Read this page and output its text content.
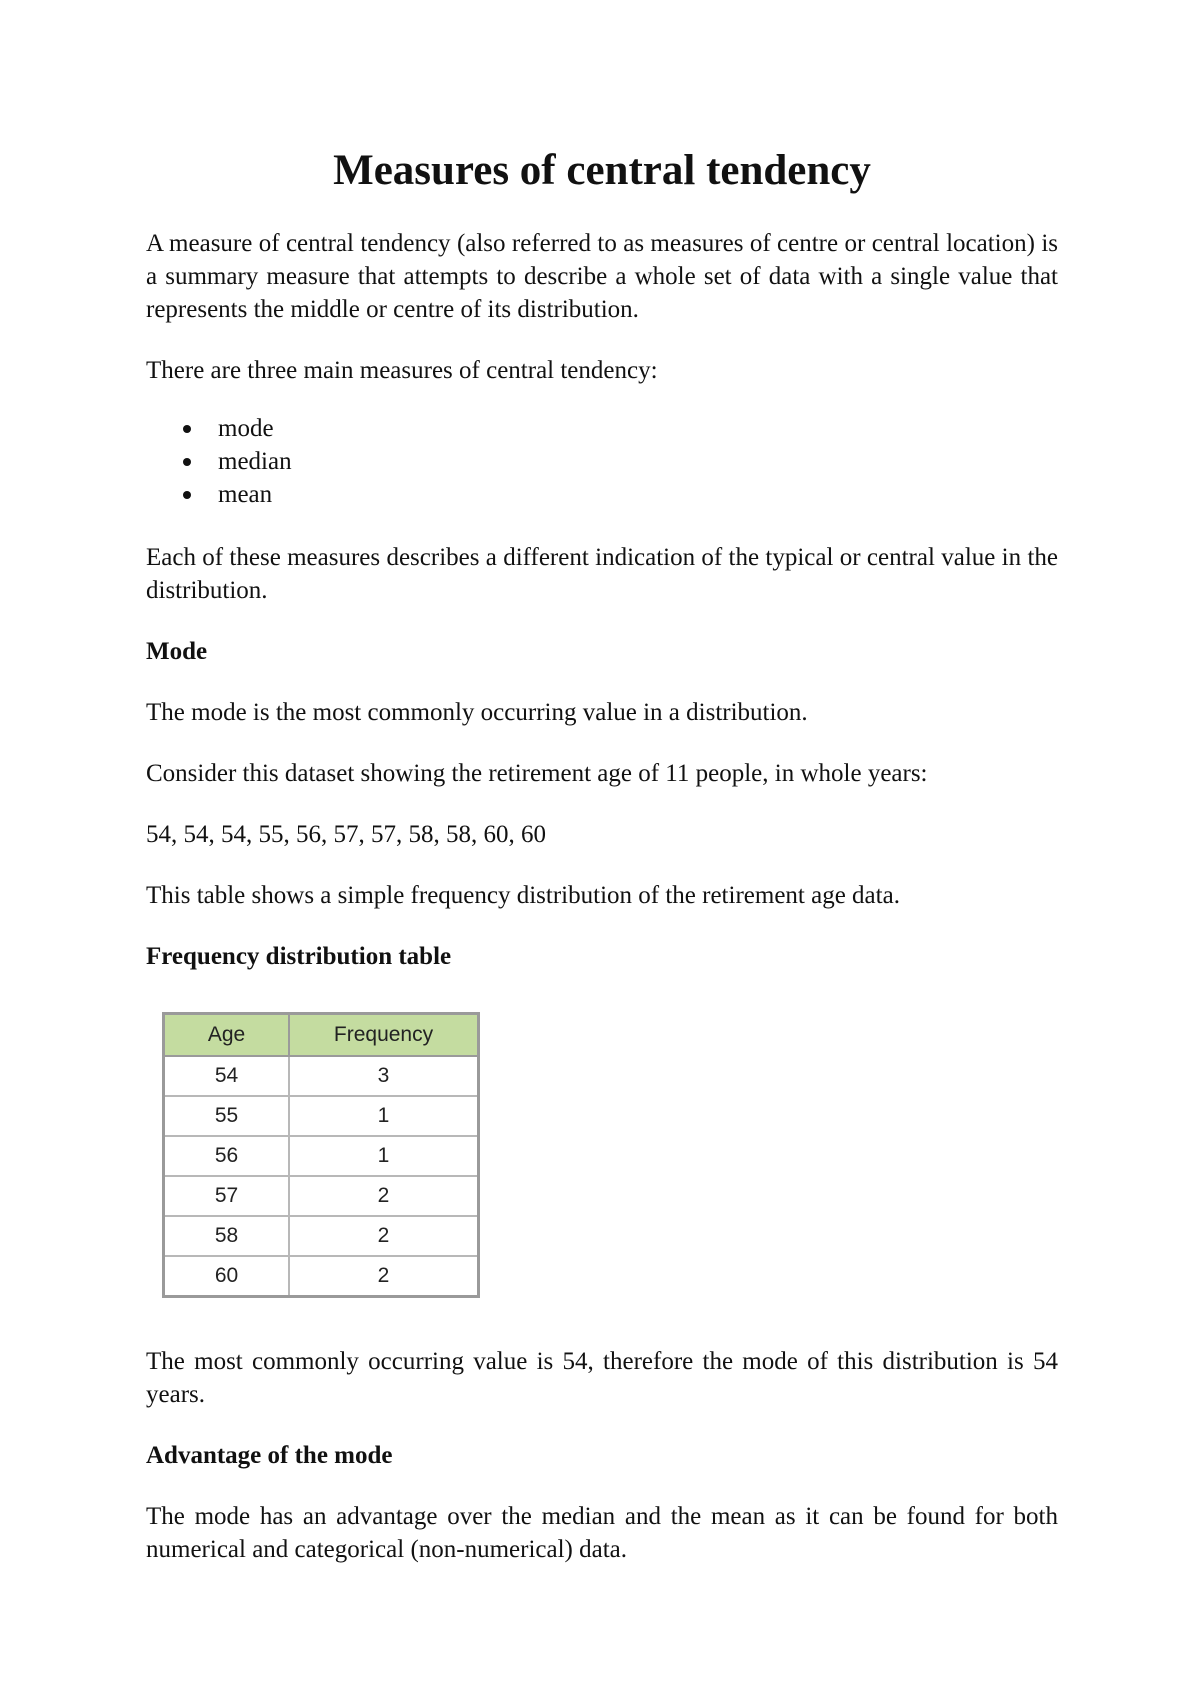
Measures of central tendency

A measure of central tendency (also referred to as measures of centre or central location) is a summary measure that attempts to describe a whole set of data with a single value that represents the middle or centre of its distribution.

There are three main measures of central tendency:

mode
median
mean

Each of these measures describes a different indication of the typical or central value in the distribution.

Mode

The mode is the most commonly occurring value in a distribution.

Consider this dataset showing the retirement age of 11 people, in whole years:

54, 54, 54, 55, 56, 57, 57, 58, 58, 60, 60

This table shows a simple frequency distribution of the retirement age data.

Frequency distribution table
Age	Frequency
54	3
55	1
56	1
57	2
58	2
60	2

The most commonly occurring value is 54, therefore the mode of this distribution is 54 years.

Advantage of the mode

The mode has an advantage over the median and the mean as it can be found for both numerical and categorical (non-numerical) data.
